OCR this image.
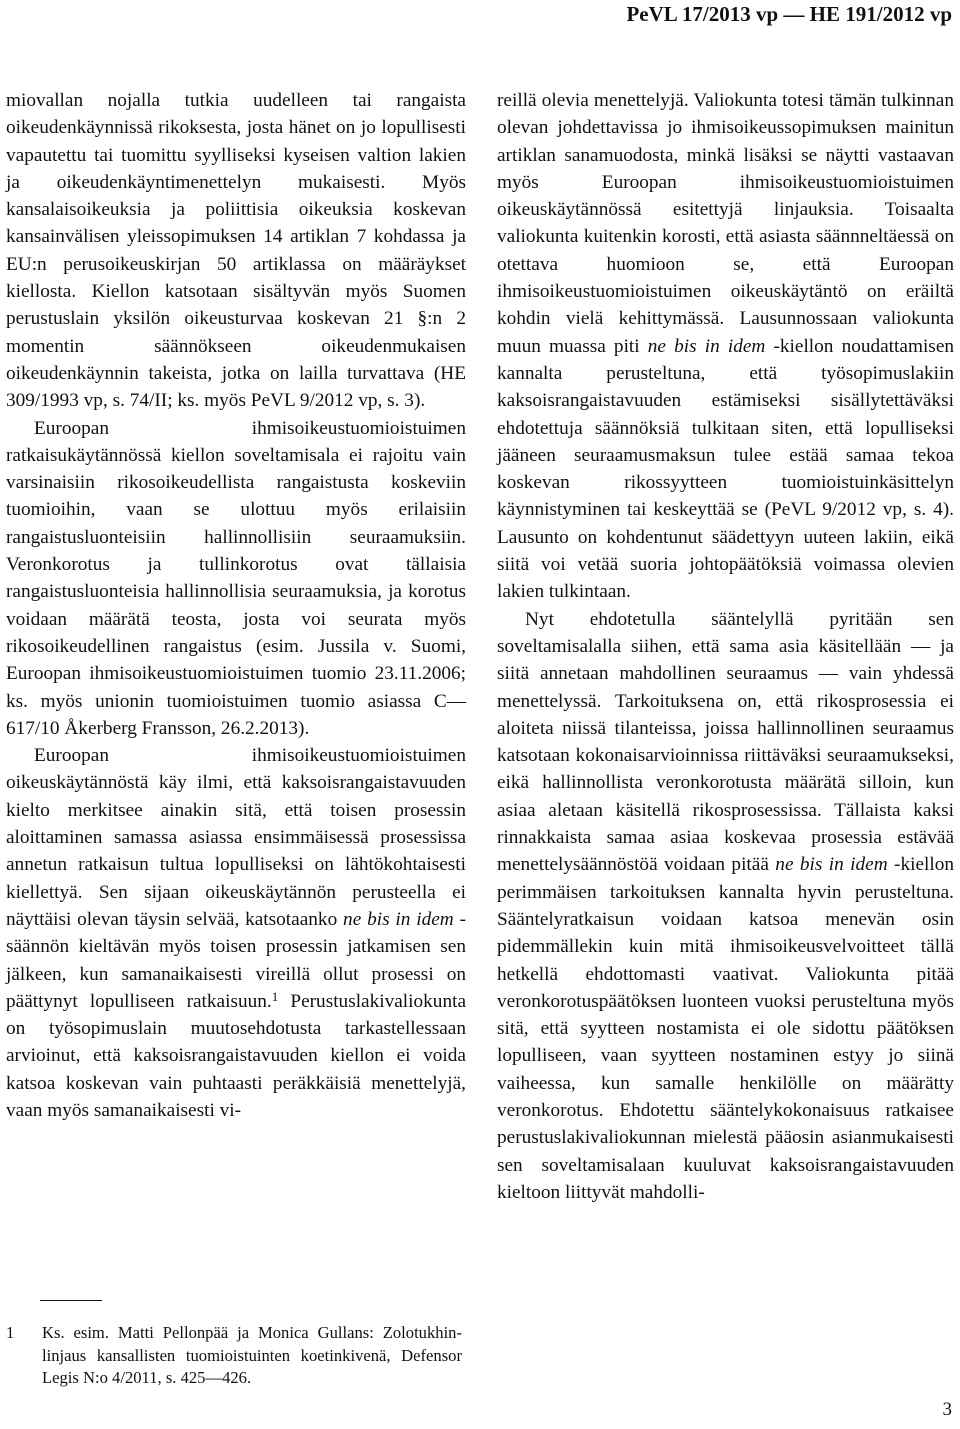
PeVL 17/2013 vp — HE 191/2012 vp

miovallan nojalla tutkia uudelleen tai rangaista oikeudenkäynnissä rikoksesta, josta hänet on jo lopullisesti vapautettu tai tuomittu syylliseksi kyseisen valtion lakien ja oikeudenkäyntimenettelyn mukaisesti. Myös kansalaisoikeuksia ja poliittisia oikeuksia koskevan kansainvälisen yleissopimuksen 14 artiklan 7 kohdassa ja EU:n perusoikeuskirjan 50 artiklassa on määräykset kiellosta. Kiellon katsotaan sisältyvän myös Suomen perustuslain yksilön oikeusturvaa koskevan 21 §:n 2 momentin säännökseen oikeudenmukaisen oikeudenkäynnin takeista, jotka on lailla turvattava (HE 309/1993 vp, s. 74/II; ks. myös PeVL 9/2012 vp, s. 3).

Euroopan ihmisoikeustuomioistuimen ratkaisukäytännössä kiellon soveltamisala ei rajoitu vain varsinaisiin rikosoikeudellista rangaistusta koskeviin tuomioihin, vaan se ulottuu myös erilaisiin rangaistusluonteisiin hallinnollisiin seuraamuksiin. Veronkorotus ja tullinkorotus ovat tällaisia rangaistusluonteisia hallinnollisia seuraamuksia, ja korotus voidaan määrätä teosta, josta voi seurata myös rikosoikeudellinen rangaistus (esim. Jussila v. Suomi, Euroopan ihmisoikeustuomioistuimen tuomio 23.11.2006; ks. myös unionin tuomioistuimen tuomio asiassa C—617/10 Åkerberg Fransson, 26.2.2013).

Euroopan ihmisoikeustuomioistuimen oikeuskäytännöstä käy ilmi, että kaksoisrangaistavuuden kielto merkitsee ainakin sitä, että toisen prosessin aloittaminen samassa asiassa ensimmäisessä prosessissa annetun ratkaisun tultua lopulliseksi on lähtökohtaisesti kiellettyä. Sen sijaan oikeuskäytännön perusteella ei näyttäisi olevan täysin selvää, katsotaanko ne bis in idem -säännön kieltävän myös toisen prosessin jatkamisen sen jälkeen, kun samanaikaisesti vireillä ollut prosessi on päättynyt lopulliseen ratkaisuun.$^1$ Perustuslakivaliokunta on työsopimuslain muutosehdotusta tarkastellessaan arvioinut, että kaksoisrangaistavuuden kiellon ei voida katsoa koskevan vain puhtaasti peräkkäisiä menettelyjä, vaan myös samanaikaisesti vi-

1 Ks. esim. Matti Pellonpää ja Monica Gullans: Zolotukhin-linjaus kansallisten tuomioistuinten koetinkivenä, Defensor Legis N:o 4/2011, s. 425—426.

reillä olevia menettelyjä. Valiokunta totesi tämän tulkinnan olevan johdettavissa jo ihmisoikeussopimuksen mainitun artiklan sanamuodosta, minkä lisäksi se näytti vastaavan myös Euroopan ihmisoikeustuomioistuimen oikeuskäytännössä esitettyjä linjauksia. Toisaalta valiokunta kuitenkin korosti, että asiasta säännneltäessä on otettava huomioon se, että Euroopan ihmisoikeustuomioistuimen oikeuskäytäntö on eräiltä kohdin vielä kehittymässä. Lausunnossaan valiokunta muun muassa piti ne bis in idem -kiellon noudattamisen kannalta perusteltuna, että työsopimuslakiin kaksoisrangaistavuuden estämiseksi sisällytettäväksi ehdotettuja säännöksiä tulkitaan siten, että lopulliseksi jääneen seuraamusmaksun tulee estää samaa tekoa koskevan rikossyytteen tuomioistuinkäsittelyn käynnistyminen tai keskeyttää se (PeVL 9/2012 vp, s. 4). Lausunto on kohdentunut säädettyyn uuteen lakiin, eikä siitä voi vetää suoria johtopäätöksiä voimassa olevien lakien tulkintaan.

Nyt ehdotetulla sääntelyllä pyritään sen soveltamisalalla siihen, että sama asia käsitellään — ja siitä annetaan mahdollinen seuraamus — vain yhdessä menettelyssä. Tarkoituksena on, että rikosprosessia ei aloiteta niissä tilanteissa, joissa hallinnollinen seuraamus katsotaan kokonaisarvioinnissa riittäväksi seuraamukseksi, eikä hallinnollista veronkorotusta määrätä silloin, kun asiaa aletaan käsitellä rikosprosessissa. Tällaista kaksi rinnakkaista samaa asiaa koskevaa prosessia estävää menettelysäännöstöä voidaan pitää ne bis in idem -kiellon perimmäisen tarkoituksen kannalta hyvin perusteltuna. Sääntelyratkaisun voidaan katsoa menevän osin pidemmällekin kuin mitä ihmisoikeusvelvoitteet tällä hetkellä ehdottomasti vaativat. Valiokunta pitää veronkorotuspäätöksen luonteen vuoksi perusteltuna myös sitä, että syytteen nostamista ei ole sidottu päätöksen lopulliseen, vaan syytteen nostaminen estyy jo siinä vaiheessa, kun samalle henkilölle on määrätty veronkorotus. Ehdotettu sääntelykokonaisuus ratkaisee perustuslakivaliokunnan mielestä pääosin asianmukaisesti sen soveltamisalaan kuuluvat kaksoisrangaistavuuden kieltoon liittyvät mahdolli-

3
